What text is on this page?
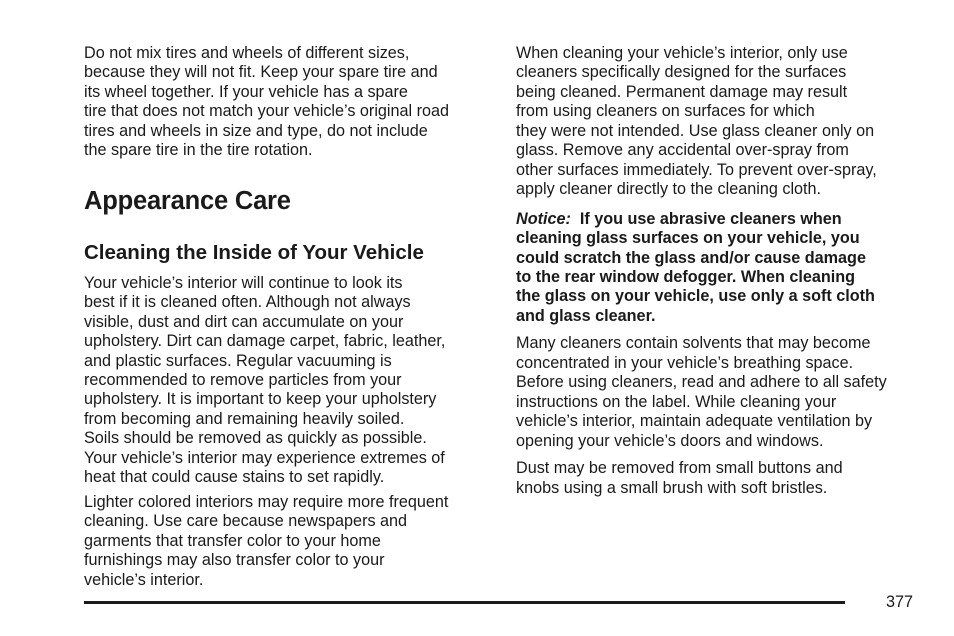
Do not mix tires and wheels of different sizes,
because they will not fit. Keep your spare tire and
its wheel together. If your vehicle has a spare
tire that does not match your vehicle’s original road
tires and wheels in size and type, do not include
the spare tire in the tire rotation.

Appearance Care
Cleaning the Inside of Your Vehicle

Your vehicle’s interior will continue to look its
best if it is cleaned often. Although not always
visible, dust and dirt can accumulate on your
upholstery. Dirt can damage carpet, fabric, leather,
and plastic surfaces. Regular vacuuming is
recommended to remove particles from your
upholstery. It is important to keep your upholstery
from becoming and remaining heavily soiled.
Soils should be removed as quickly as possible.
Your vehicle’s interior may experience extremes of
heat that could cause stains to set rapidly.

Lighter colored interiors may require more frequent
cleaning. Use care because newspapers and
garments that transfer color to your home
furnishings may also transfer color to your
vehicle’s interior.

When cleaning your vehicle’s interior, only use
cleaners specifically designed for the surfaces
being cleaned. Permanent damage may result
from using cleaners on surfaces for which
they were not intended. Use glass cleaner only on
glass. Remove any accidental over-spray from
other surfaces immediately. To prevent over-spray,
apply cleaner directly to the cleaning cloth.

Notice: If you use abrasive cleaners when
cleaning glass surfaces on your vehicle, you
could scratch the glass and/or cause damage
to the rear window defogger. When cleaning
the glass on your vehicle, use only a soft cloth
and glass cleaner.

Many cleaners contain solvents that may become
concentrated in your vehicle’s breathing space.
Before using cleaners, read and adhere to all safety
instructions on the label. While cleaning your
vehicle’s interior, maintain adequate ventilation by
opening your vehicle’s doors and windows.

Dust may be removed from small buttons and
knobs using a small brush with soft bristles.

377
